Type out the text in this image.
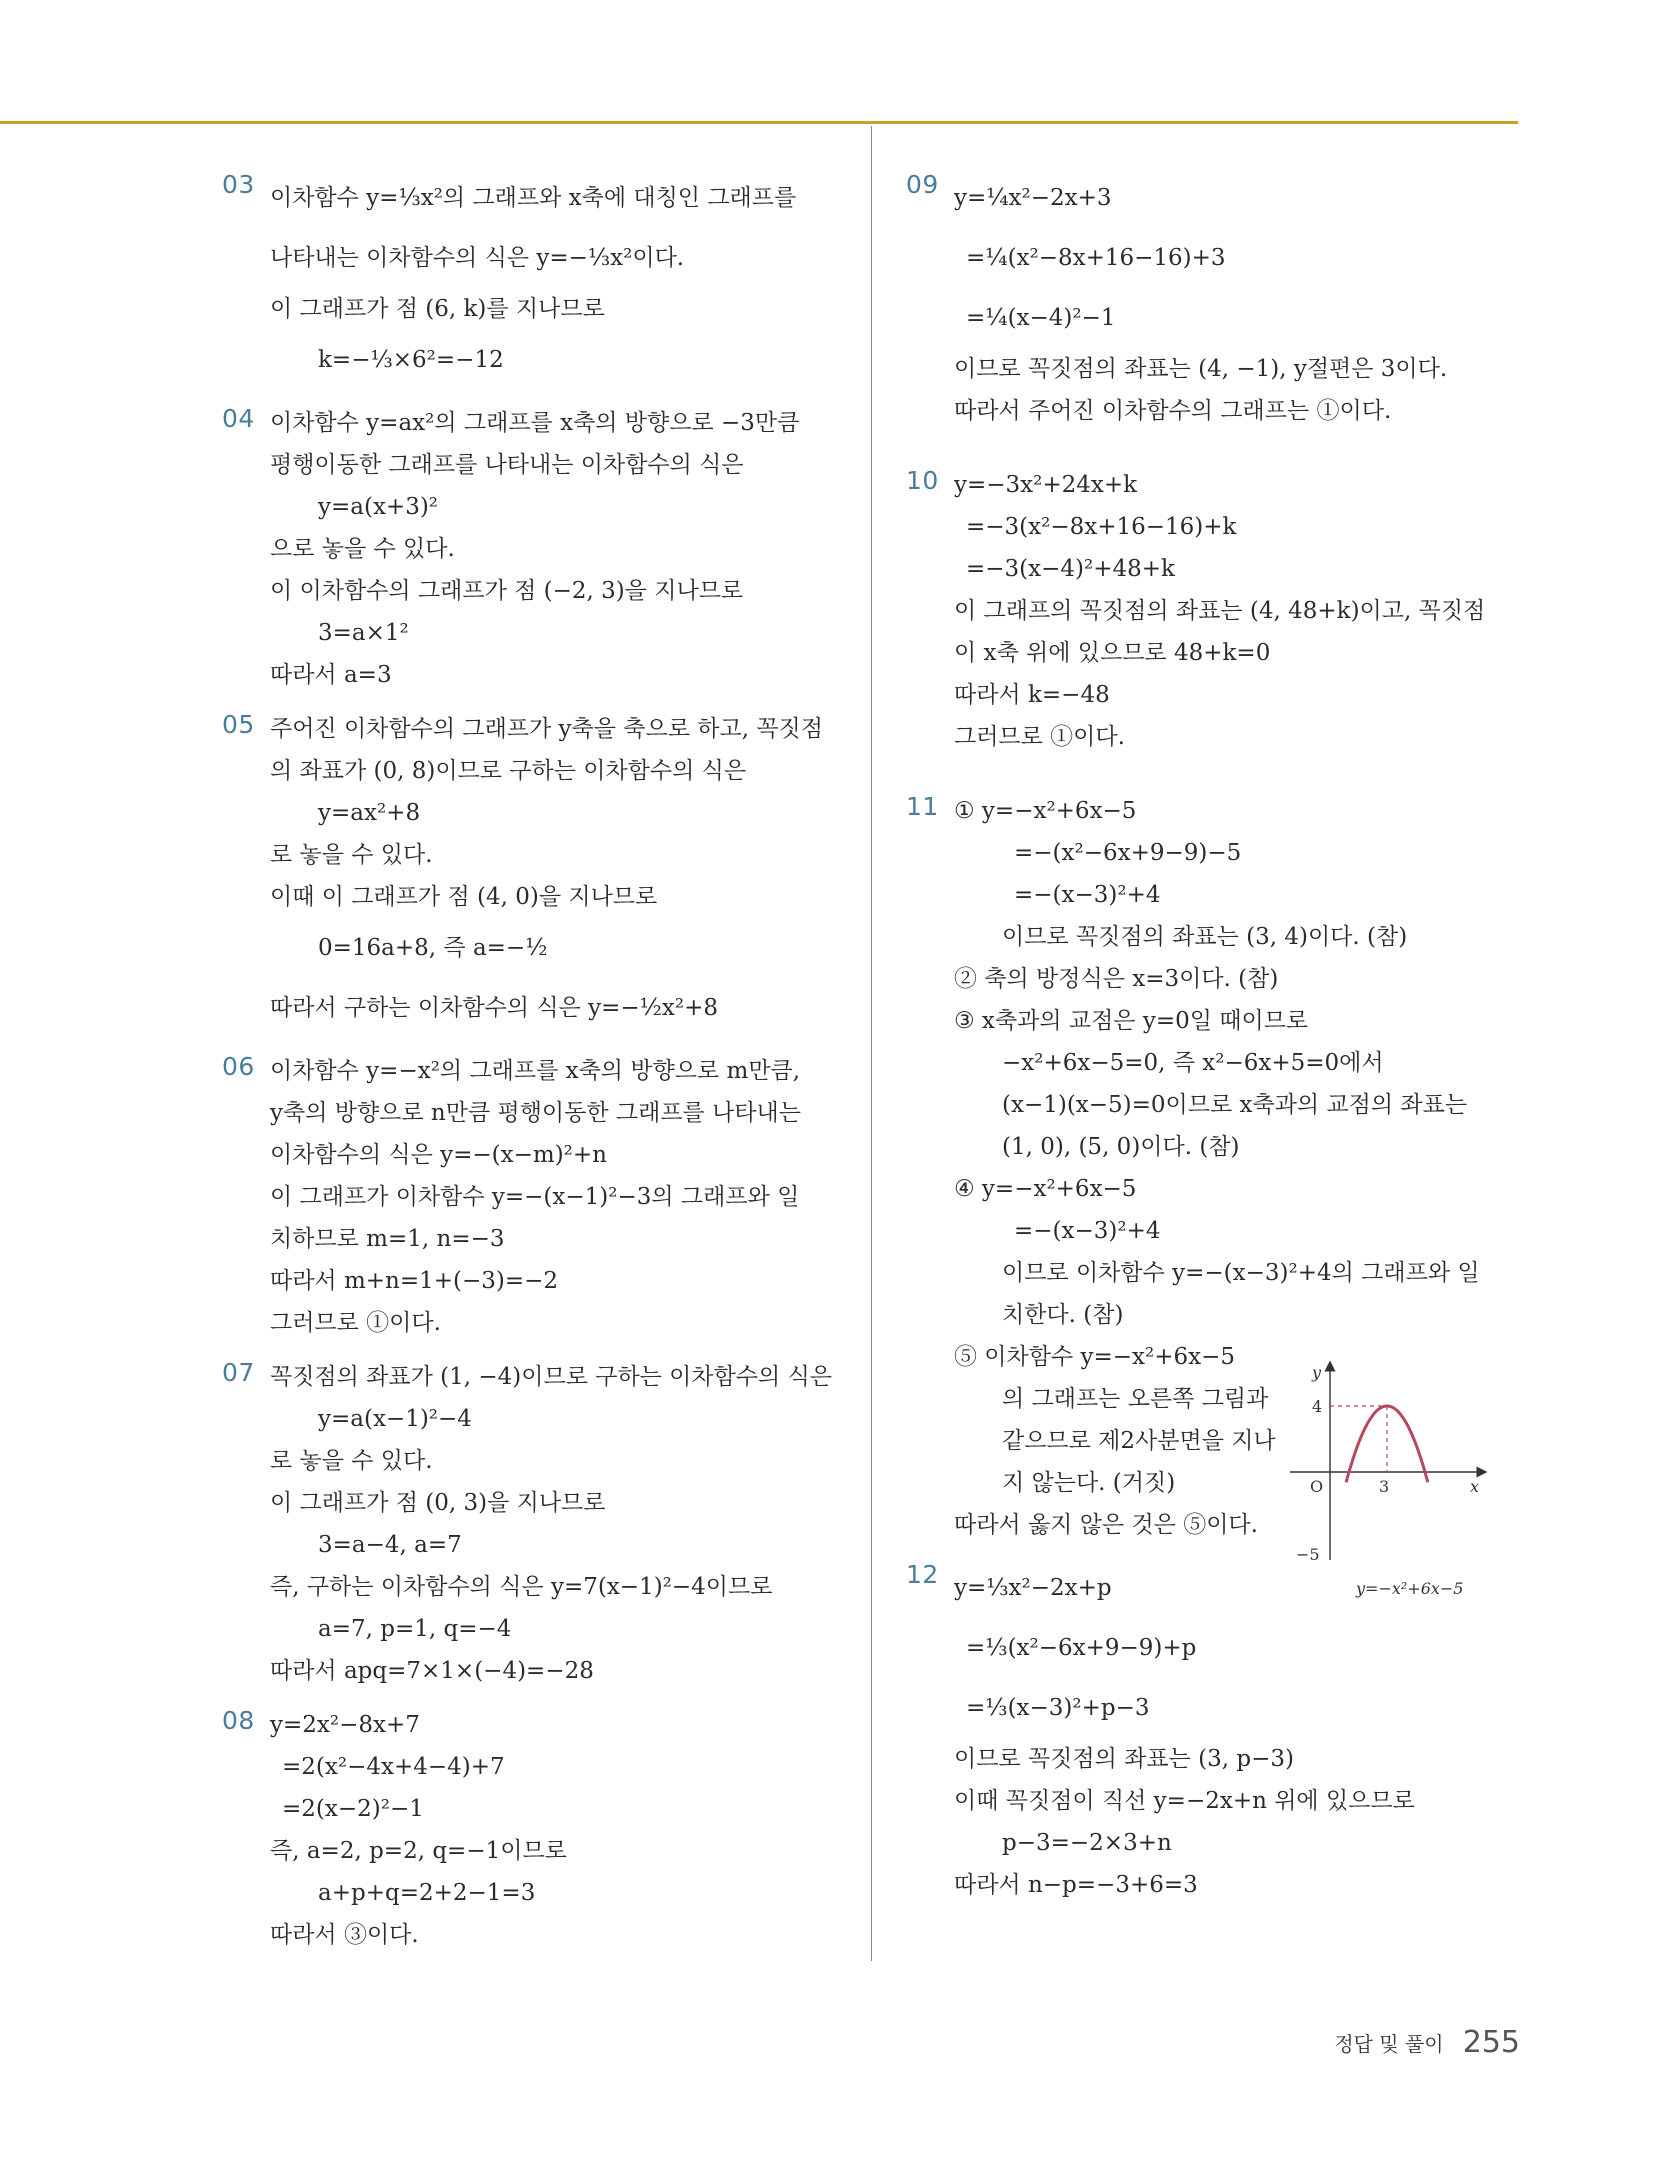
03 이차함수 y=⅓x²의 그래프와 x축에 대칭인 그래프를
나타내는 이차함수의 식은 y=−⅓x²이다.
이 그래프가 점 (6, k)를 지나므로
k=−⅓×6²=−12
04 이차함수 y=ax²의 그래프를 x축의 방향으로 −3만큼
평행이동한 그래프를 나타내는 이차함수의 식은
y=a(x+3)²
으로 놓을 수 있다.
이 이차함수의 그래프가 점 (−2, 3)을 지나므로
3=a×1²
따라서 a=3
05 주어진 이차함수의 그래프가 y축을 축으로 하고, 꼭짓점
의 좌표가 (0, 8)이므로 구하는 이차함수의 식은
y=ax²+8
로 놓을 수 있다.
이때 이 그래프가 점 (4, 0)을 지나므로
0=16a+8, 즉 a=−½
따라서 구하는 이차함수의 식은 y=−½x²+8
06 이차함수 y=−x²의 그래프를 x축의 방향으로 m만큼,
y축의 방향으로 n만큼 평행이동한 그래프를 나타내는
이차함수의 식은 y=−(x−m)²+n
이 그래프가 이차함수 y=−(x−1)²−3의 그래프와 일
치하므로 m=1, n=−3
따라서 m+n=1+(−3)=−2
그러므로 ①이다.
07 꼭짓점의 좌표가 (1, −4)이므로 구하는 이차함수의 식은
y=a(x−1)²−4
로 놓을 수 있다.
이 그래프가 점 (0, 3)을 지나므로
3=a−4, a=7
즉, 구하는 이차함수의 식은 y=7(x−1)²−4이므로
a=7, p=1, q=−4
따라서 apq=7×1×(−4)=−28
08 y=2x²−8x+7
=2(x²−4x+4−4)+7
=2(x−2)²−1
즉, a=2, p=2, q=−1이므로
a+p+q=2+2−1=3
따라서 ③이다.
09 y=¼x²−2x+3
=¼(x²−8x+16−16)+3
=¼(x−4)²−1
이므로 꼭짓점의 좌표는 (4, −1), y절편은 3이다.
따라서 주어진 이차함수의 그래프는 ①이다.
10 y=−3x²+24x+k
=−3(x²−8x+16−16)+k
=−3(x−4)²+48+k
이 그래프의 꼭짓점의 좌표는 (4, 48+k)이고, 꼭짓점
이 x축 위에 있으므로 48+k=0
따라서 k=−48
그러므로 ①이다.
11 ① y=−x²+6x−5
=−(x²−6x+9−9)−5
=−(x−3)²+4
이므로 꼭짓점의 좌표는 (3, 4)이다. (참)
② 축의 방정식은 x=3이다. (참)
③ x축과의 교점은 y=0일 때이므로
−x²+6x−5=0, 즉 x²−6x+5=0에서
(x−1)(x−5)=0이므로 x축과의 교점의 좌표는
(1, 0), (5, 0)이다. (참)
④ y=−x²+6x−5
=−(x−3)²+4
이므로 이차함수 y=−(x−3)²+4의 그래프와 일
치한다. (참)
⑤ 이차함수 y=−x²+6x−5
의 그래프는 오른쪽 그림과
같으므로 제2사분면을 지나
지 않는다. (거짓)
따라서 옳지 않은 것은 ⑤이다.
12 y=⅓x²−2x+p
=⅓(x²−6x+9−9)+p
=⅓(x−3)²+p−3
이므로 꼭짓점의 좌표는 (3, p−3)
이때 꼭짓점이 직선 y=−2x+n 위에 있으므로
p−3=−2×3+n
따라서 n−p=−3+6=3
y
x
O
4
3
−5
y=−x²+6x−5
정답 및 풀이 255
